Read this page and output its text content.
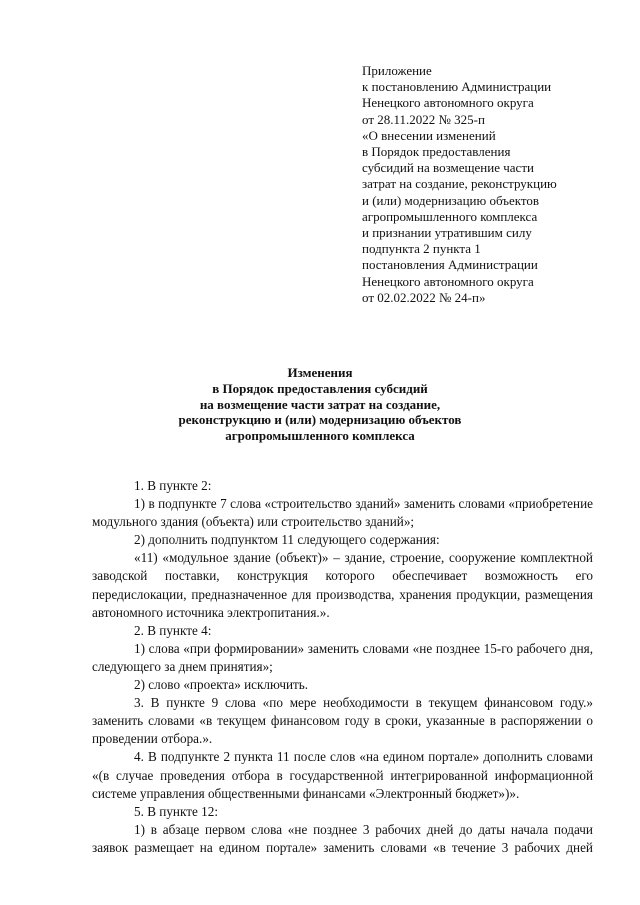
Приложение
к постановлению Администрации
Ненецкого автономного округа
от 28.11.2022 № 325-п
«О внесении изменений
в Порядок предоставления
субсидий на возмещение части
затрат на создание, реконструкцию
и (или) модернизацию объектов
агропромышленного комплекса
и признании утратившим силу
подпункта 2 пункта 1
постановления Администрации
Ненецкого автономного округа
от 02.02.2022 № 24-п»
Изменения
в Порядок предоставления субсидий
на возмещение части затрат на создание,
реконструкцию и (или) модернизацию объектов
агропромышленного комплекса
1. В пункте 2:
1) в подпункте 7 слова «строительство зданий» заменить словами «приобретение модульного здания (объекта) или строительство зданий»;
2) дополнить подпунктом 11 следующего содержания:
«11) «модульное здание (объект)» – здание, строение, сооружение комплектной заводской поставки, конструкция которого обеспечивает возможность его передислокации, предназначенное для производства, хранения продукции, размещения автономного источника электропитания.».
2. В пункте 4:
1) слова «при формировании» заменить словами «не позднее 15-го рабочего дня, следующего за днем принятия»;
2) слово «проекта» исключить.
3. В пункте 9 слова «по мере необходимости в текущем финансовом году.» заменить словами «в текущем финансовом году в сроки, указанные в распоряжении о проведении отбора.».
4. В подпункте 2 пункта 11 после слов «на едином портале» дополнить словами «(в случае проведения отбора в государственной интегрированной информационной системе управления общественными финансами «Электронный бюджет»)».
5. В пункте 12:
1) в абзаце первом слова «не позднее 3 рабочих дней до даты начала подачи заявок размещает на едином портале» заменить словами «в течение 3 рабочих дней
